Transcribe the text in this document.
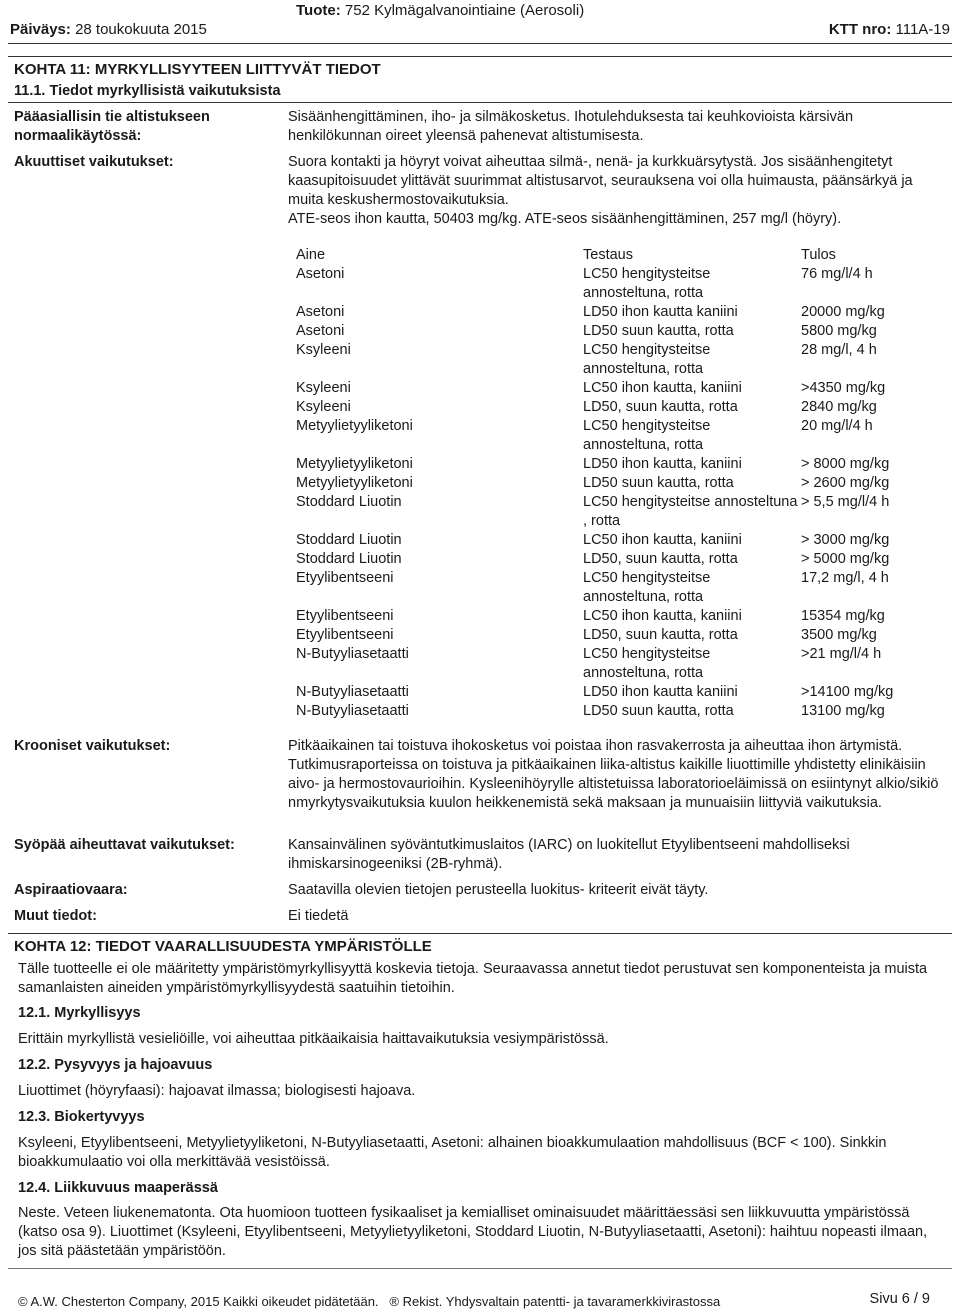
Tuote: 752 Kylmägalvanointiaine (Aerosoli)
Päiväys: 28 toukokuuta 2015	KTT nro: 111A-19
KOHTA 11: MYRKYLLISYYTEEN LIITTYVÄT TIEDOT
11.1. Tiedot myrkyllisistä vaikutuksista
Pääasiallisin tie altistukseen normaalikäytössä:
Sisäänhengittäminen, iho- ja silmäkosketus. Ihotulehduksesta tai keuhkovioista kärsivän henkilökunnan oireet yleensä pahenevat altistumisesta.
Akuuttiset vaikutukset:	Suora kontakti ja höyryt voivat aiheuttaa silmä-, nenä- ja kurkkuärsytystä. Jos sisäänhengitetyt kaasupitoisuudet ylittävät suurimmat altistusarvot, seurauksena voi olla huimausta, päänsärkyä ja muita keskushermostovaikutuksia.

ATE-seos ihon kautta, 50403 mg/kg. ATE-seos sisäänhengittäminen, 257 mg/l (höyry).

Aine	Testaus	Tulos
Asetoni	LC50 hengitysteitse annosteltuna, rotta	76 mg/l/4 h
Asetoni	LD50 ihon kautta kaniini	20000 mg/kg
Asetoni	LD50 suun kautta, rotta	5800 mg/kg
Ksyleeni	LC50 hengitysteitse annosteltuna, rotta	28 mg/l, 4 h
Ksyleeni	LC50 ihon kautta, kaniini	>4350 mg/kg
Ksyleeni	LD50, suun kautta, rotta	2840 mg/kg
Metyylietyyliketoni	LC50 hengitysteitse annosteltuna, rotta	20 mg/l/4 h
Metyylietyyliketoni	LD50 ihon kautta, kaniini	> 8000 mg/kg
Metyylietyyliketoni	LD50 suun kautta, rotta	> 2600 mg/kg
Stoddard Liuotin	LC50 hengitysteitse annosteltuna , rotta	> 5,5 mg/l/4 h
Stoddard Liuotin	LC50 ihon kautta, kaniini	> 3000 mg/kg
Stoddard Liuotin	LD50, suun kautta, rotta	> 5000 mg/kg
Etyylibentseeni	LC50 hengitysteitse annosteltuna, rotta	17,2 mg/l, 4 h
Etyylibentseeni	LC50 ihon kautta, kaniini	15354 mg/kg
Etyylibentseeni	LD50, suun kautta, rotta	3500 mg/kg
N-Butyyliasetaatti	LC50 hengitysteitse annosteltuna, rotta	>21 mg/l/4 h
N-Butyyliasetaatti	LD50 ihon kautta kaniini	>14100 mg/kg
N-Butyyliasetaatti	LD50 suun kautta, rotta	13100 mg/kg
Krooniset vaikutukset:	Pitkäaikainen tai toistuva ihokosketus voi poistaa ihon rasvakerrosta ja aiheuttaa ihon ärtymistä. Tutkimusraporteissa on toistuva ja pitkäaikainen liika-altistus kaikille liuottimille yhdistetty elinikäisiin aivo- ja hermostovaurioihin. Kysleenihöyrylle altistetuissa laboratorioeläimissä on esiintynyt alkio/sikiö nmyrkytysvaikutuksia kuulon heikkenemistä sekä maksaan ja munuaisiin liittyviä vaikutuksia.
Syöpää aiheuttavat vaikutukset:	Kansainvälinen syöväntutkimuslaitos (IARC) on luokitellut Etyylibentseeni mahdolliseksi ihmiskarsinogeeniksi (2B-ryhmä).
Aspiraatiovaara:	Saatavilla olevien tietojen perusteella luokitus- kriteerit eivät täyty.
Muut tiedot:	Ei tiedetä
KOHTA 12: TIEDOT VAARALLISUUDESTA YMPÄRISTÖLLE
Tälle tuotteelle ei ole määritetty ympäristömyrkyllisyyttä koskevia tietoja. Seuraavassa annetut tiedot perustuvat sen komponenteista ja muista samanlaisten aineiden ympäristömyrkyllisyydestä saatuihin tietoihin.
12.1. Myrkyllisyys
Erittäin myrkyllistä vesieliöille, voi aiheuttaa pitkäaikaisia haittavaikutuksia vesiympäristössä.
12.2. Pysyvyys ja hajoavuus
Liuottimet (höyryfaasi): hajoavat ilmassa; biologisesti hajoava.
12.3. Biokertyvyys
Ksyleeni, Etyylibentseeni, Metyylietyyliketoni, N-Butyyliasetaatti, Asetoni: alhainen bioakkumulaation mahdollisuus (BCF < 100). Sinkkin bioakkumulaatio voi olla merkittävää vesistöissä.
12.4. Liikkuvuus maaperässä
Neste. Veteen liukenematonta. Ota huomioon tuotteen fysikaaliset ja kemialliset ominaisuudet määrittäessäsi sen liikkuvuutta ympäristössä (katso osa 9). Liuottimet (Ksyleeni, Etyylibentseeni, Metyylietyyliketoni, Stoddard Liuotin, N-Butyyliasetaatti, Asetoni): haihtuu nopeasti ilmaan, jos sitä päästetään ympäristöön.
© A.W. Chesterton Company, 2015 Kaikki oikeudet pidätetään. ® Rekist. Yhdysvaltain patentti- ja tavaramerkkivirastossa	Sivu 6 / 9
